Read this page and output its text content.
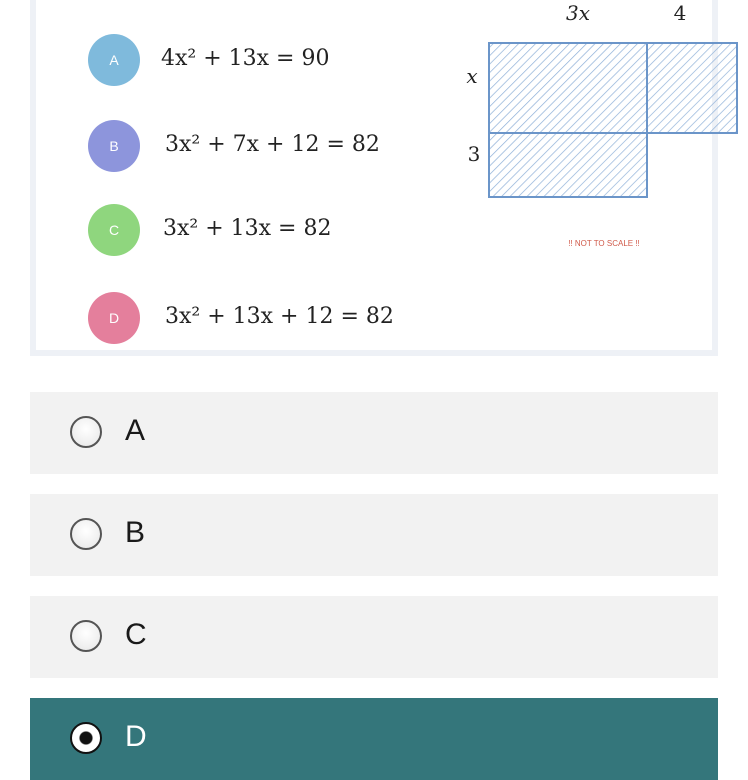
A	4x² + 13x = 90
B	3x² + 7x + 12 = 82
C	3x² + 13x = 82
D	3x² + 13x + 12 = 82
3x	4
x
3
!! NOT TO SCALE !!
A
B
C
D
